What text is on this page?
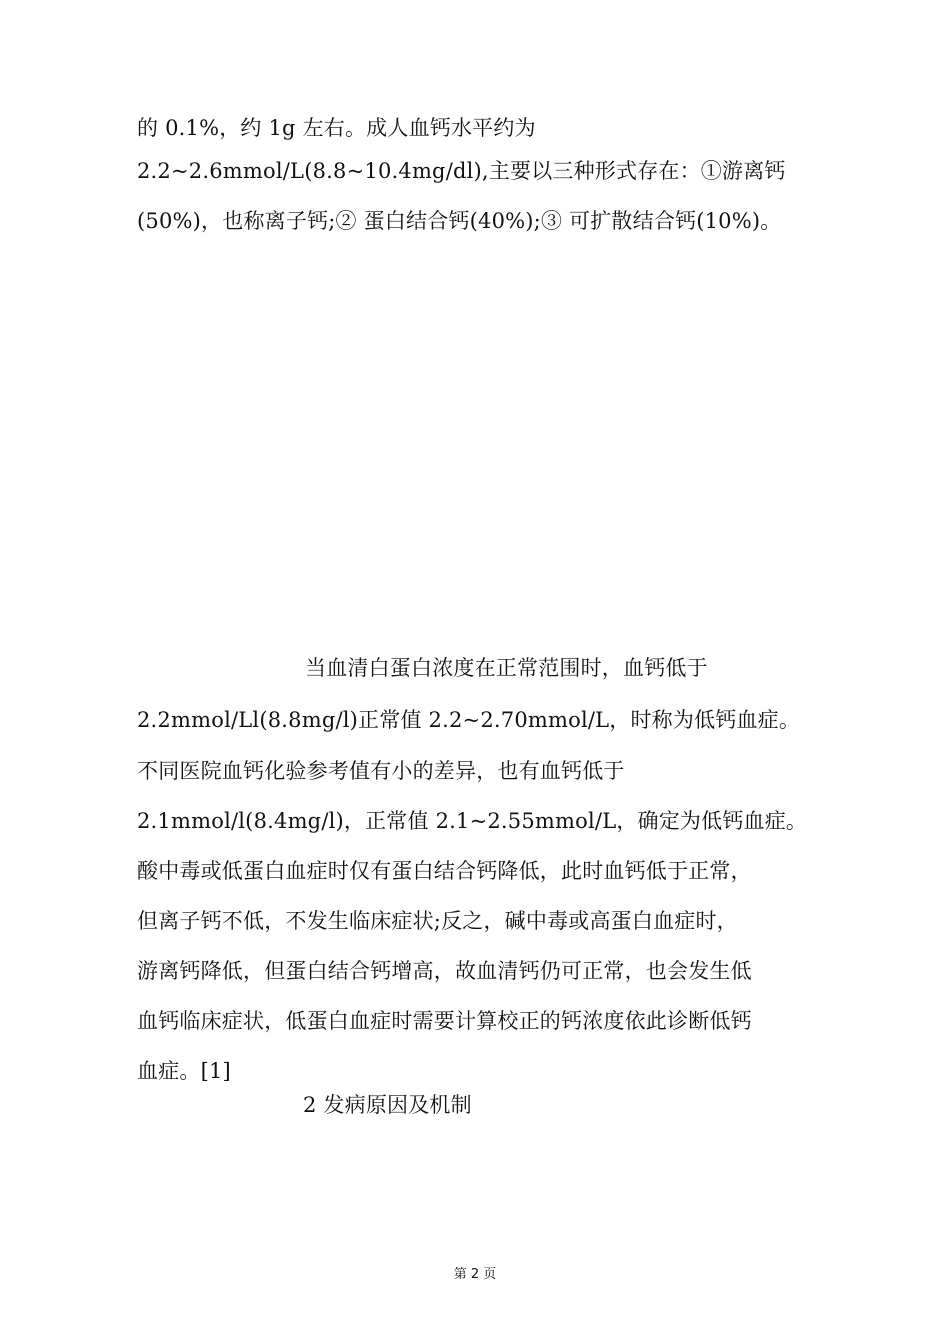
的 0.1%，约 1g 左右。成人血钙水平约为
2.2~2.6mmol/L(8.8~10.4mg/dl),主要以三种形式存在：①游离钙
(50%)，也称离子钙;② 蛋白结合钙(40%);③ 可扩散结合钙(10%)。
当血清白蛋白浓度在正常范围时，血钙低于
2.2mmol/Ll(8.8mg/l)正常值 2.2~2.70mmol/L，时称为低钙血症。
不同医院血钙化验参考值有小的差异，也有血钙低于
2.1mmol/l(8.4mg/l)，正常值 2.1~2.55mmol/L，确定为低钙血症。
酸中毒或低蛋白血症时仅有蛋白结合钙降低，此时血钙低于正常，
但离子钙不低，不发生临床症状;反之，碱中毒或高蛋白血症时，
游离钙降低，但蛋白结合钙增高，故血清钙仍可正常，也会发生低
血钙临床症状，低蛋白血症时需要计算校正的钙浓度依此诊断低钙
血症。[1]
2 发病原因及机制
第 2 页
